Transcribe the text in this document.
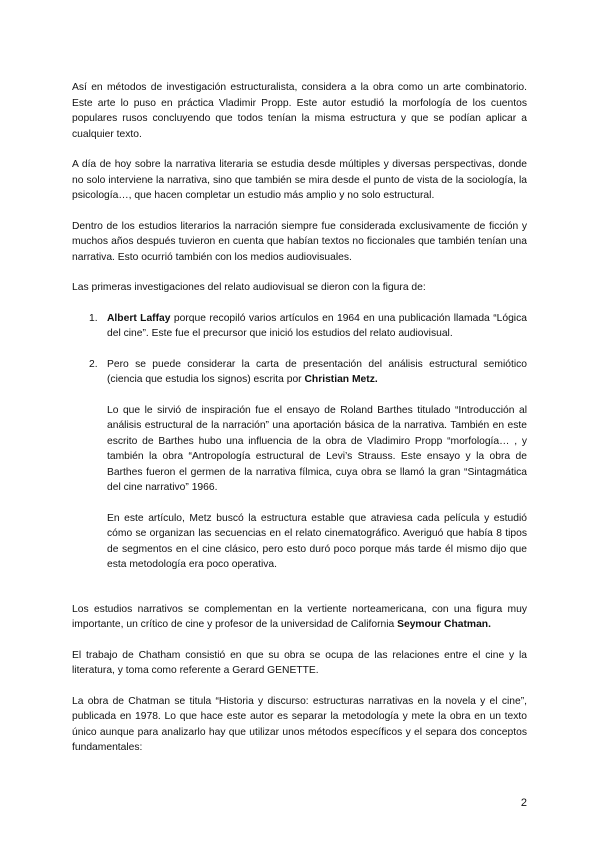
Así en métodos de investigación estructuralista, considera a la obra como un arte combinatorio. Este arte lo puso en práctica Vladimir Propp. Este autor estudió la morfología de los cuentos populares rusos concluyendo que todos tenían la misma estructura y que se podían aplicar a cualquier texto.

A día de hoy sobre la narrativa literaria se estudia desde múltiples y diversas perspectivas, donde no solo interviene la narrativa, sino que también se mira desde el punto de vista de la sociología, la psicología…, que hacen completar un estudio más amplio y no solo estructural.

Dentro de los estudios literarios la narración siempre fue considerada exclusivamente de ficción y muchos años después tuvieron en cuenta que habían textos no ficcionales que también tenían una narrativa. Esto ocurrió también con los medios audiovisuales.

Las primeras investigaciones del relato audiovisual se dieron con la figura de:

1. Albert Laffay porque recopiló varios artículos en 1964 en una publicación llamada “Lógica del cine”. Este fue el precursor que inició los estudios del relato audiovisual.

2. Pero se puede considerar la carta de presentación del análisis estructural semiótico (ciencia que estudia los signos) escrita por Christian Metz.

Lo que le sirvió de inspiración fue el ensayo de Roland Barthes titulado “Introducción al análisis estructural de la narración” una aportación básica de la narrativa. También en este escrito de Barthes hubo una influencia de la obra de Vladimiro Propp “morfología… , y también la obra “Antropología estructural de Levi’s Strauss. Este ensayo y la obra de Barthes fueron el germen de la narrativa fílmica, cuya obra se llamó la gran “Sintagmática del cine narrativo” 1966.

En este artículo, Metz buscó la estructura estable que atraviesa cada película y estudió cómo se organizan las secuencias en el relato cinematográfico. Averiguó que había 8 tipos de segmentos en el cine clásico, pero esto duró poco porque más tarde él mismo dijo que esta metodología era poco operativa.

Los estudios narrativos se complementan en la vertiente norteamericana, con una figura muy importante, un crítico de cine y profesor de la universidad de California Seymour Chatman.

El trabajo de Chatham consistió en que su obra se ocupa de las relaciones entre el cine y la literatura, y toma como referente a Gerard GENETTE.

La obra de Chatman se titula “Historia y discurso: estructuras narrativas en la novela y el cine”, publicada en 1978. Lo que hace este autor es separar la metodología y mete la obra en un texto único aunque para analizarlo hay que utilizar unos métodos específicos y el separa dos conceptos fundamentales:

2
